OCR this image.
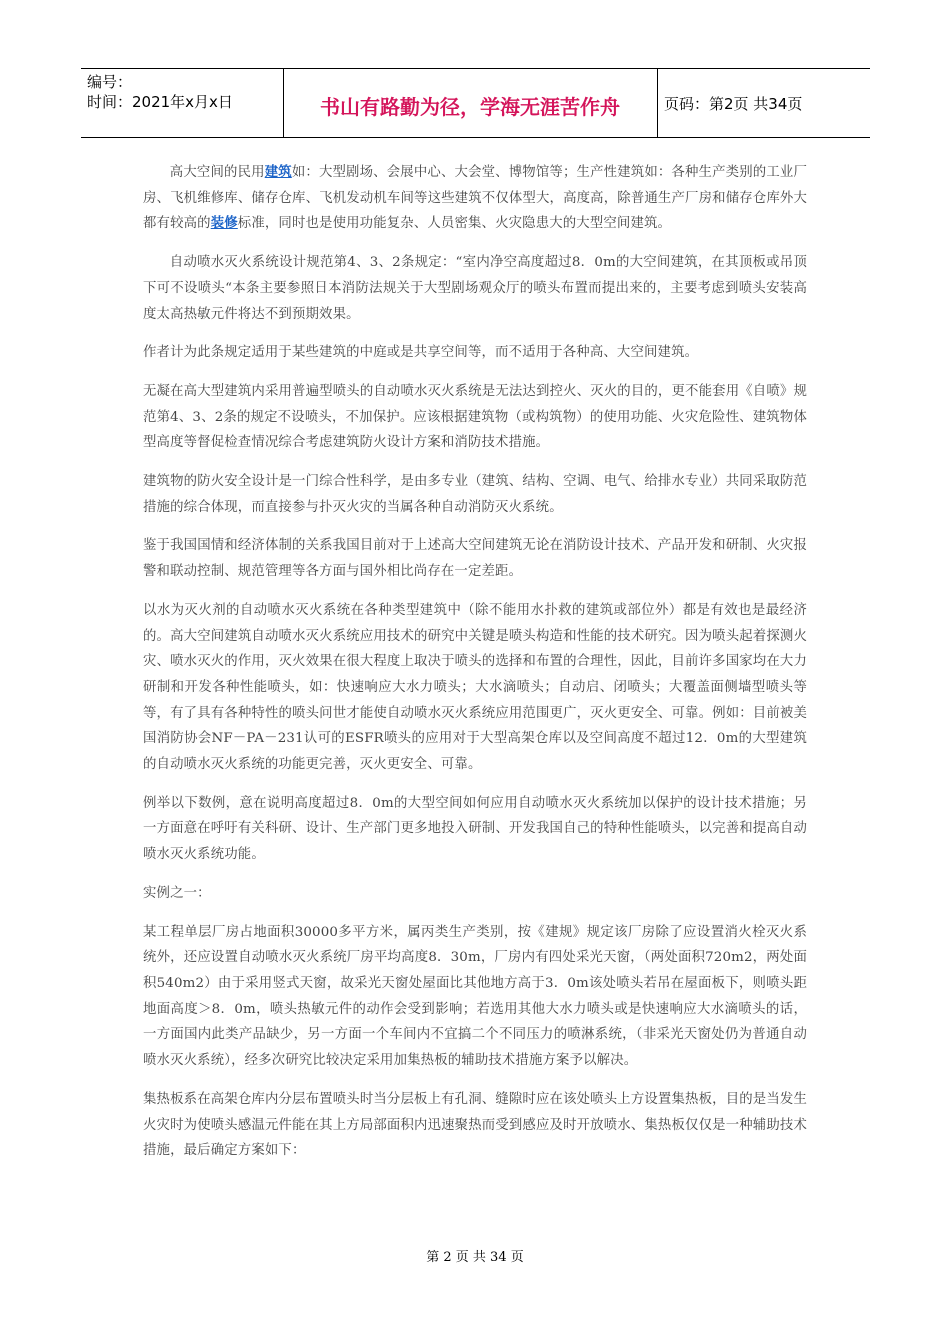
编号：
时间：2021年x月x日	书山有路勤为径，学海无涯苦作舟	页码：第2页 共34页

高大空间的民用建筑如：大型剧场、会展中心、大会堂、博物馆等；生产性建筑如：各种生产类别的工业厂房、飞机维修库、储存仓库、飞机发动机车间等这些建筑不仅体型大，高度高，除普通生产厂房和储存仓库外大都有较高的装修标准，同时也是使用功能复杂、人员密集、火灾隐患大的大型空间建筑。

自动喷水灭火系统设计规范第4、3、2条规定：“室内净空高度超过8．0m的大空间建筑，在其顶板或吊顶下可不设喷头“本条主要参照日本消防法规关于大型剧场观众厅的喷头布置而提出来的，主要考虑到喷头安装高度太高热敏元件将达不到预期效果。

作者计为此条规定适用于某些建筑的中庭或是共享空间等，而不适用于各种高、大空间建筑。

无凝在高大型建筑内采用普遍型喷头的自动喷水灭火系统是无法达到控火、灭火的目的，更不能套用《自喷》规范第4、3、2条的规定不设喷头，不加保护。应该根据建筑物（或构筑物）的使用功能、火灾危险性、建筑物体型高度等督促检查情况综合考虑建筑防火设计方案和消防技术措施。

建筑物的防火安全设计是一门综合性科学，是由多专业（建筑、结构、空调、电气、给排水专业）共同采取防范措施的综合体现，而直接参与扑灭火灾的当属各种自动消防灭火系统。

鉴于我国国情和经济体制的关系我国目前对于上述高大空间建筑无论在消防设计技术、产品开发和研制、火灾报警和联动控制、规范管理等各方面与国外相比尚存在一定差距。

以水为灭火剂的自动喷水灭火系统在各种类型建筑中（除不能用水扑救的建筑或部位外）都是有效也是最经济的。高大空间建筑自动喷水灭火系统应用技术的研究中关键是喷头构造和性能的技术研究。因为喷头起着探测火灾、喷水灭火的作用，灭火效果在很大程度上取决于喷头的选择和布置的合理性，因此，目前许多国家均在大力研制和开发各种性能喷头，如：快速响应大水力喷头；大水滴喷头；自动启、闭喷头；大覆盖面侧墙型喷头等等，有了具有各种特性的喷头问世才能使自动喷水灭火系统应用范围更广，灭火更安全、可靠。例如：目前被美国消防协会NF－PA－231认可的ESFR喷头的应用对于大型高架仓库以及空间高度不超过12．0m的大型建筑的自动喷水灭火系统的功能更完善，灭火更安全、可靠。

例举以下数例，意在说明高度超过8．0m的大型空间如何应用自动喷水灭火系统加以保护的设计技术措施；另一方面意在呼吁有关科研、设计、生产部门更多地投入研制、开发我国自己的特种性能喷头，以完善和提高自动喷水灭火系统功能。

实例之一：

某工程单层厂房占地面积30000多平方米，属丙类生产类别，按《建规》规定该厂房除了应设置消火栓灭火系统外，还应设置自动喷水灭火系统厂房平均高度8．30m，厂房内有四处采光天窗，（两处面积720m2，两处面积540m2）由于采用竖式天窗，故采光天窗处屋面比其他地方高于3．0m该处喷头若吊在屋面板下，则喷头距地面高度＞8．0m，喷头热敏元件的动作会受到影响；若选用其他大水力喷头或是快速响应大水滴喷头的话，一方面国内此类产品缺少，另一方面一个车间内不宜搞二个不同压力的喷淋系统，（非采光天窗处仍为普通自动喷水灭火系统），经多次研究比较决定采用加集热板的辅助技术措施方案予以解决。

集热板系在高架仓库内分层布置喷头时当分层板上有孔洞、缝隙时应在该处喷头上方设置集热板，目的是当发生火灾时为使喷头感温元件能在其上方局部面积内迅速聚热而受到感应及时开放喷水、集热板仅仅是一种辅助技术措施，最后确定方案如下：

第 2 页 共 34 页
